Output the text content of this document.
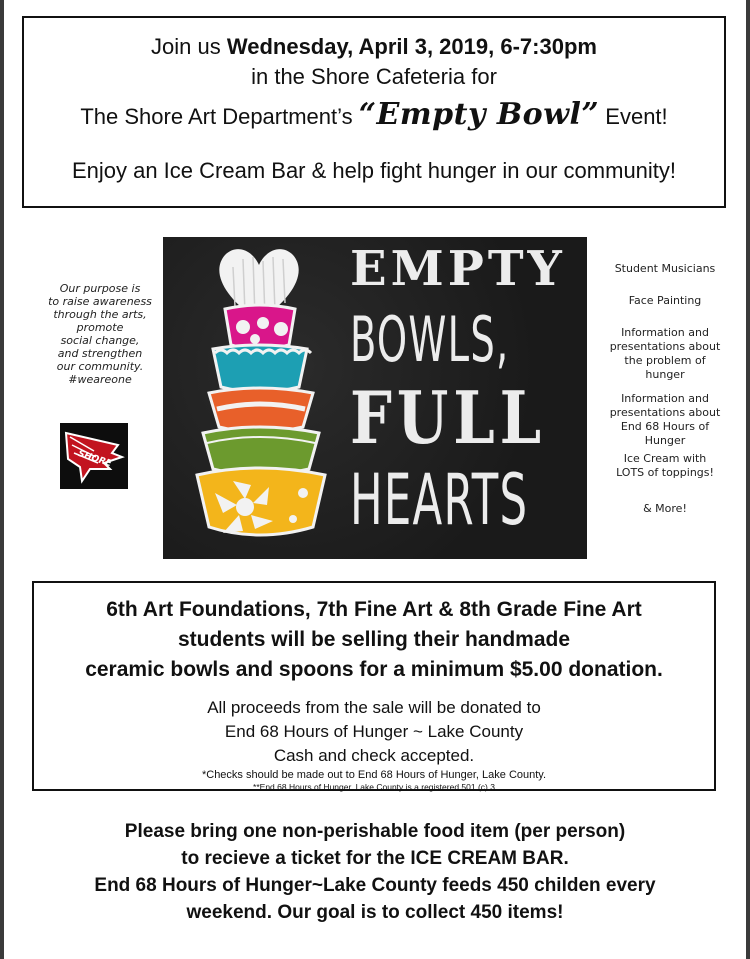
Join us Wednesday, April 3, 2019, 6-7:30pm
in the Shore Cafeteria for
The Shore Art Department’s “Empty Bowl” Event!
Enjoy an Ice Cream Bar & help fight hunger in our community!
Our purpose is
to raise awareness
through the arts,
promote
social change,
and strengthen
our community.
#weareone
SHORE
EMPTY
BOWLS,
FULL
HEARTS
Student Musicians
Face Painting
Information and presentations about the problem of hunger
Information and presentations about End 68 Hours of Hunger
Ice Cream with LOTS of toppings!
& More!
6th Art Foundations, 7th Fine Art & 8th Grade Fine Art
students will be selling their handmade
ceramic bowls and spoons for a minimum $5.00 donation.
All proceeds from the sale will be donated to
End 68 Hours of Hunger ~ Lake County
Cash and check accepted.
*Checks should be made out to End 68 Hours of Hunger, Lake County.
**End 68 Hours of Hunger, Lake County is a registered 501 (c) 3
Please bring one non-perishable food item (per person)
to recieve a ticket for the ICE CREAM BAR.
End 68 Hours of Hunger~Lake County feeds 450 childen every
weekend. Our goal is to collect 450 items!
